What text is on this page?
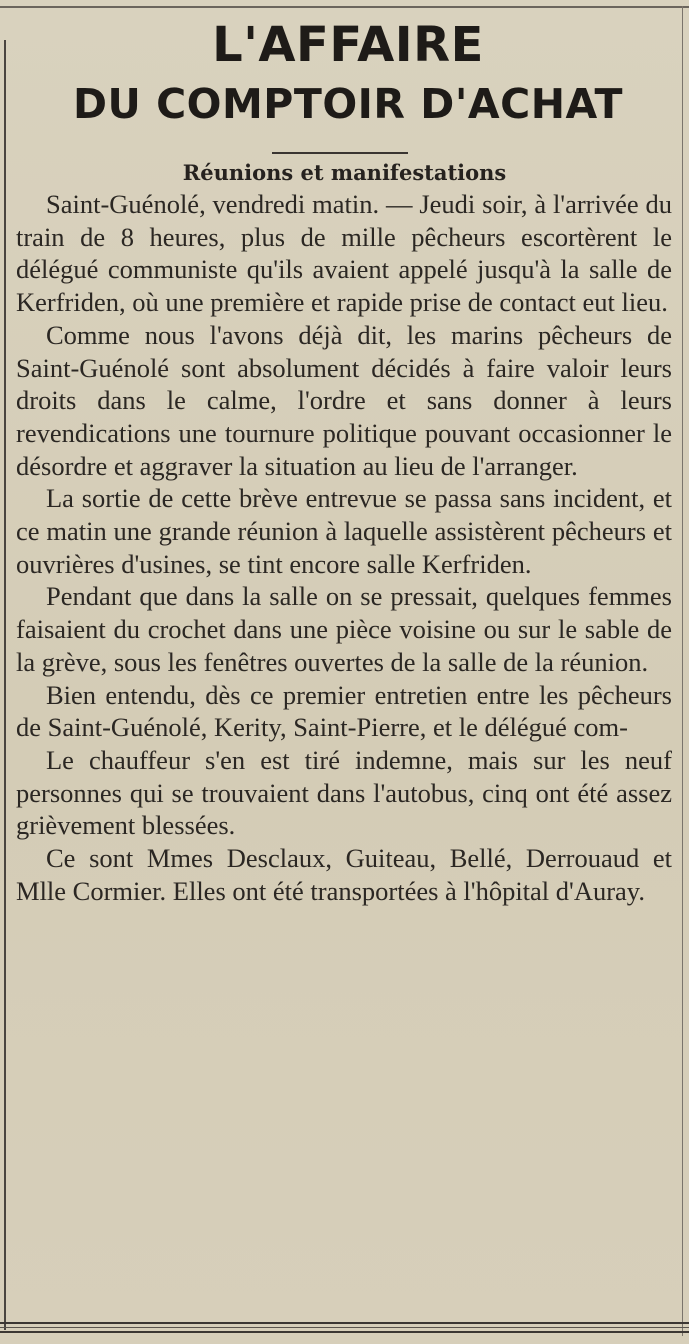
L'AFFAIRE
DU COMPTOIR D'ACHAT
Réunions et manifestations

Saint-Guénolé, vendredi matin. — Jeudi soir, à l'arrivée du train de 8 heures, plus de mille pêcheurs escortèrent le délégué communiste qu'ils avaient appelé jusqu'à la salle de Kerfriden, où une première et rapide prise de contact eut lieu.

Comme nous l'avons déjà dit, les marins pêcheurs de Saint-Guénolé sont absolument décidés à faire valoir leurs droits dans le calme, l'ordre et sans donner à leurs revendications une tournure politique pouvant occasionner le désordre et aggraver la situation au lieu de l'arranger.

La sortie de cette brève entrevue se passa sans incident, et ce matin une grande réunion à laquelle assistèrent pêcheurs et ouvrières d'usines, se tint encore salle Kerfriden.

Pendant que dans la salle on se pressait, quelques femmes faisaient du crochet dans une pièce voisine ou sur le sable de la grève, sous les fenêtres ouvertes de la salle de la réunion.

Bien entendu, dès ce premier entretien entre les pêcheurs de Saint-Guénolé, Kerity, Saint-Pierre, et le délégué com-

Le chauffeur s'en est tiré indemne, mais sur les neuf personnes qui se trouvaient dans l'autobus, cinq ont été assez grièvement blessées.

Ce sont Mmes Desclaux, Guiteau, Bellé, Derrouaud et Mlle Cormier. Elles ont été transportées à l'hôpital d'Auray.
